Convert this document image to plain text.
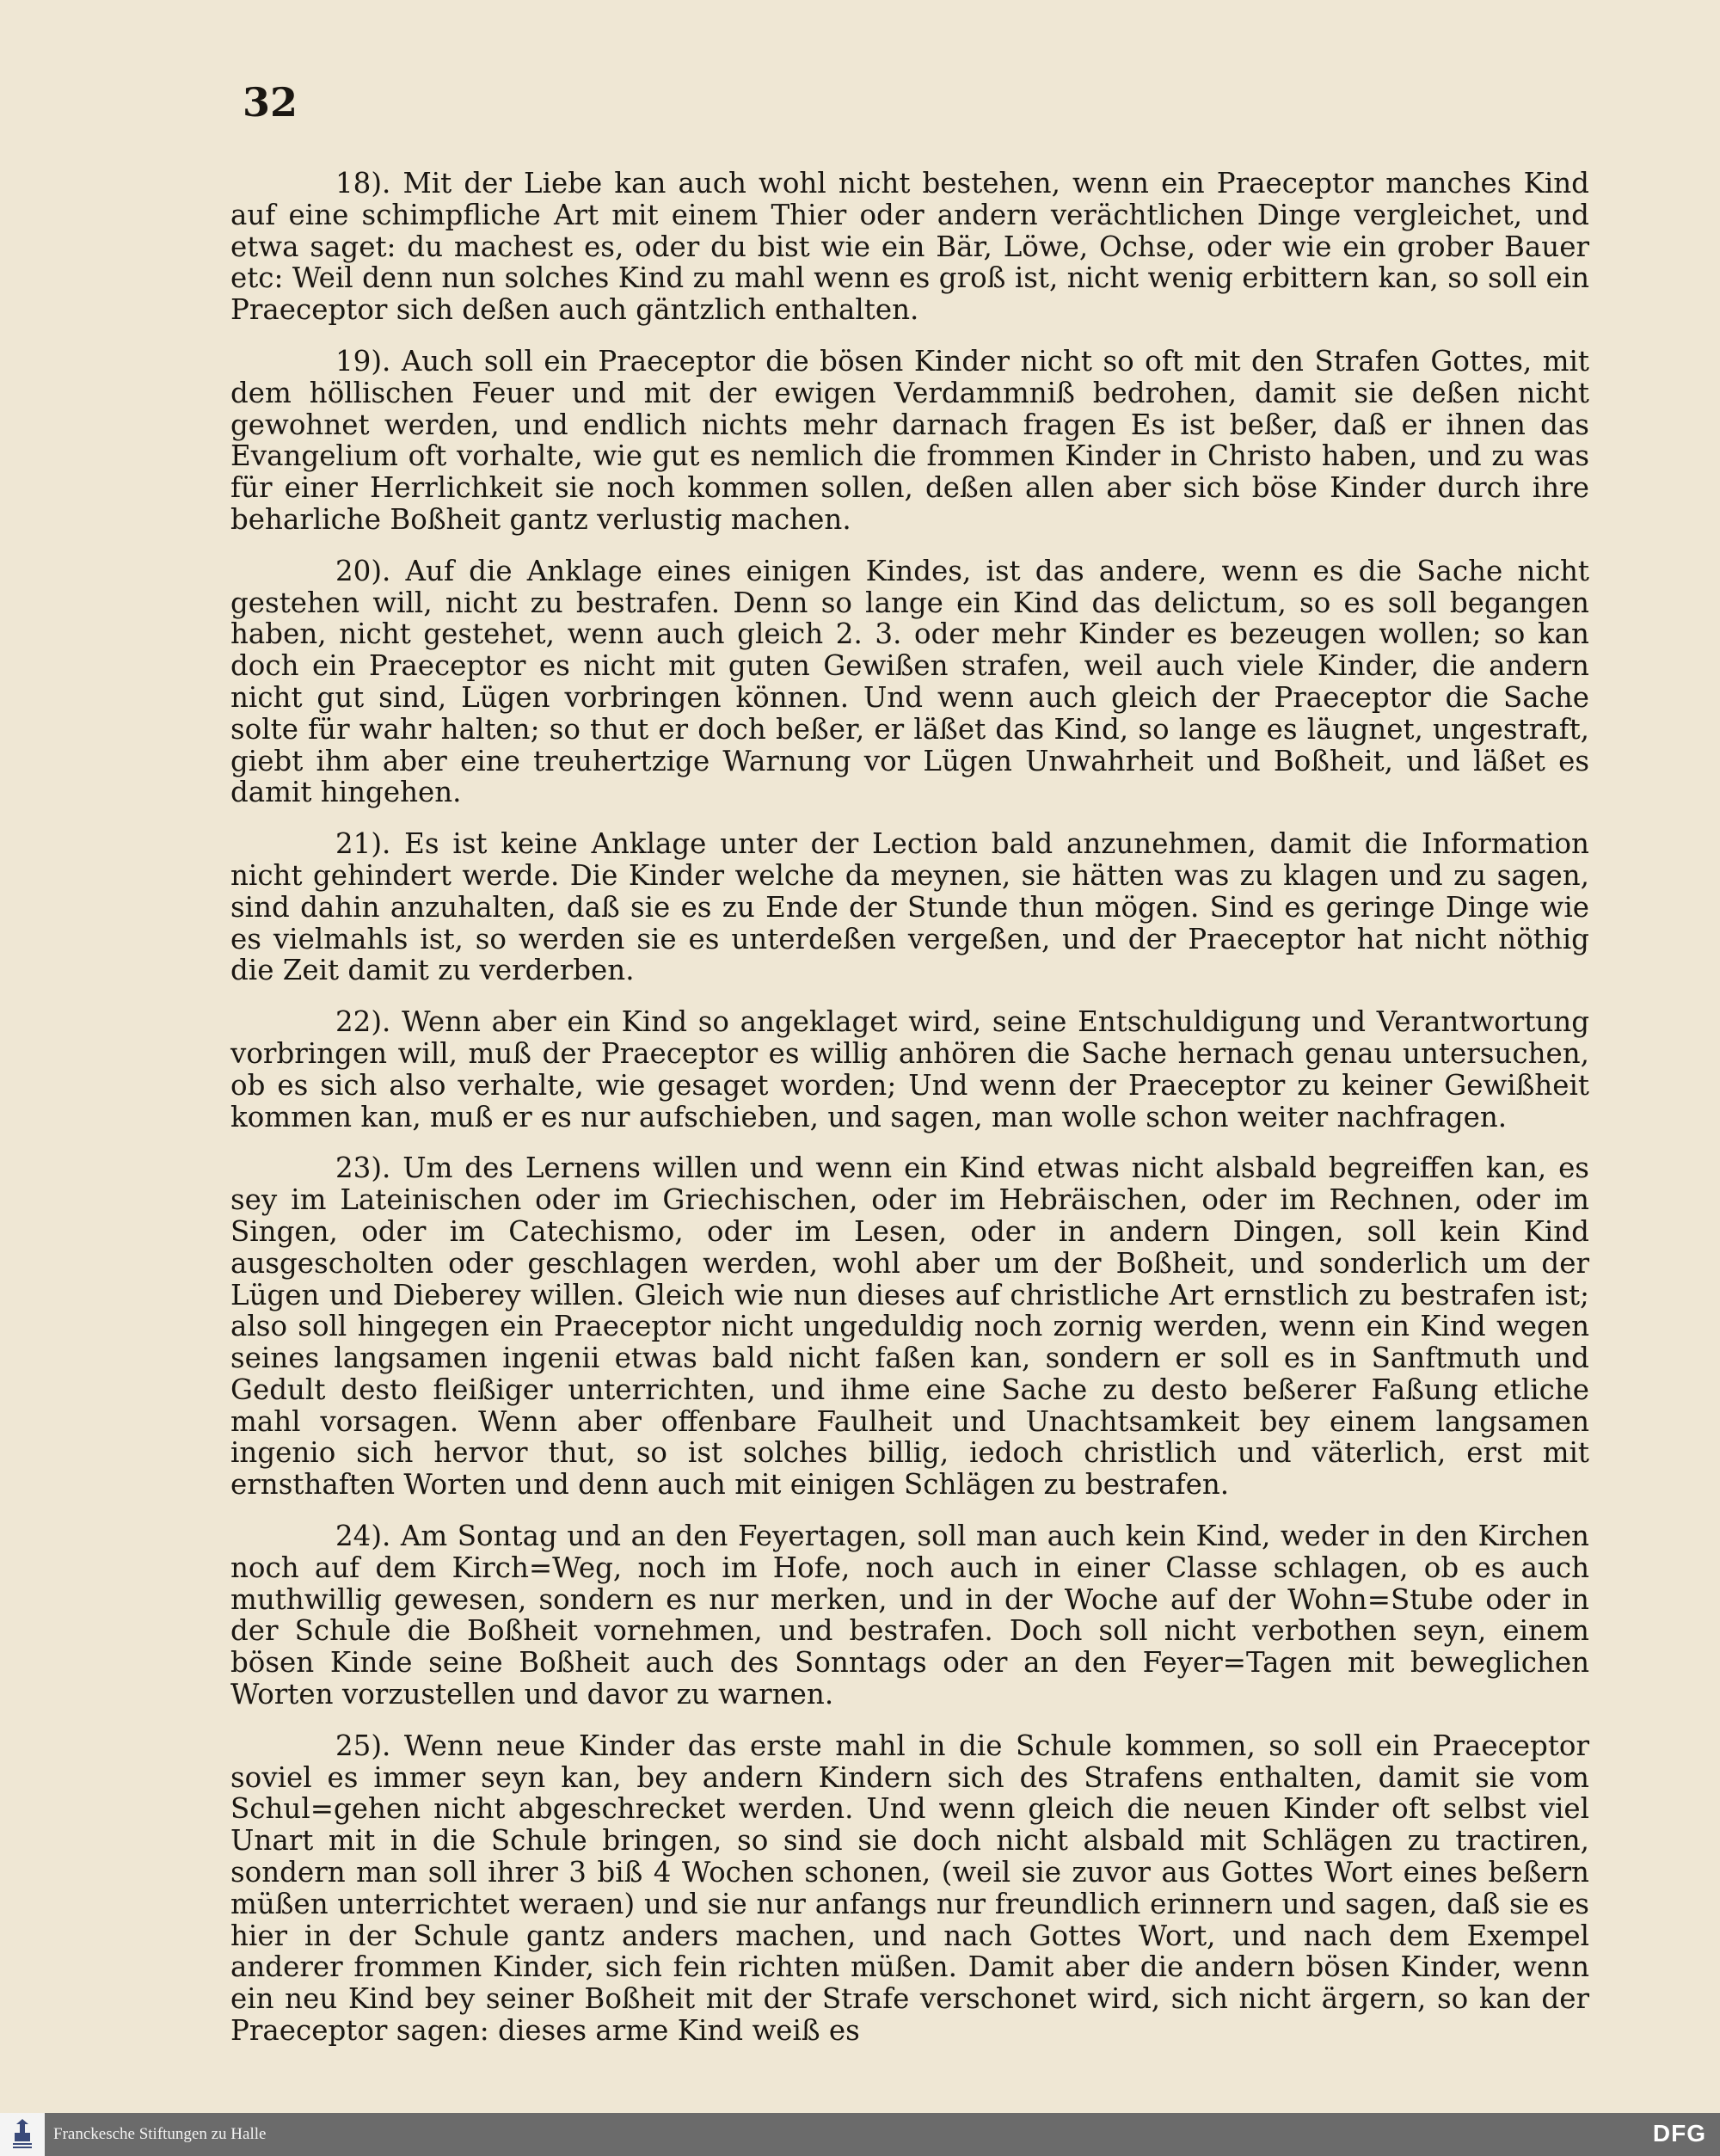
32

18). Mit der Liebe kan auch wohl nicht bestehen, wenn ein Praeceptor manches Kind auf eine schimpfliche Art mit einem Thier oder andern verächtlichen Dinge vergleichet, und etwa saget: du machest es, oder du bist wie ein Bär, Löwe, Ochse, oder wie ein grober Bauer etc: Weil denn nun solches Kind zu mahl wenn es groß ist, nicht wenig erbittern kan, so soll ein Praeceptor sich deßen auch gäntzlich enthalten.

19). Auch soll ein Praeceptor die bösen Kinder nicht so oft mit den Strafen Gottes, mit dem höllischen Feuer und mit der ewigen Verdammniß bedrohen, damit sie deßen nicht gewohnet werden, und endlich nichts mehr darnach fragen Es ist beßer, daß er ihnen das Evangelium oft vorhalte, wie gut es nemlich die frommen Kinder in Christo haben, und zu was für einer Herrlichkeit sie noch kommen sollen, deßen allen aber sich böse Kinder durch ihre beharliche Boßheit gantz verlustig machen.

20). Auf die Anklage eines einigen Kindes, ist das andere, wenn es die Sache nicht gestehen will, nicht zu bestrafen. Denn so lange ein Kind das delictum, so es soll begangen haben, nicht gestehet, wenn auch gleich 2. 3. oder mehr Kinder es bezeugen wollen; so kan doch ein Praeceptor es nicht mit guten Gewißen strafen, weil auch viele Kinder, die andern nicht gut sind, Lügen vorbringen können. Und wenn auch gleich der Praeceptor die Sache solte für wahr halten; so thut er doch beßer, er läßet das Kind, so lange es läugnet, ungestraft, giebt ihm aber eine treuhertzige Warnung vor Lügen Unwahrheit und Boßheit, und läßet es damit hingehen.

21). Es ist keine Anklage unter der Lection bald anzunehmen, damit die Information nicht gehindert werde. Die Kinder welche da meynen, sie hätten was zu klagen und zu sagen, sind dahin anzuhalten, daß sie es zu Ende der Stunde thun mögen. Sind es geringe Dinge wie es vielmahls ist, so werden sie es unterdeßen vergeßen, und der Praeceptor hat nicht nöthig die Zeit damit zu verderben.

22). Wenn aber ein Kind so angeklaget wird, seine Entschuldigung und Verantwortung vorbringen will, muß der Praeceptor es willig anhören die Sache hernach genau untersuchen, ob es sich also verhalte, wie gesaget worden; Und wenn der Praeceptor zu keiner Gewißheit kommen kan, muß er es nur aufschieben, und sagen, man wolle schon weiter nachfragen.

23). Um des Lernens willen und wenn ein Kind etwas nicht alsbald begreiffen kan, es sey im Lateinischen oder im Griechischen, oder im Hebräischen, oder im Rechnen, oder im Singen, oder im Catechismo, oder im Lesen, oder in andern Dingen, soll kein Kind ausgescholten oder geschlagen werden, wohl aber um der Boßheit, und sonderlich um der Lügen und Dieberey willen. Gleich wie nun dieses auf christliche Art ernstlich zu bestrafen ist; also soll hingegen ein Praeceptor nicht ungeduldig noch zornig werden, wenn ein Kind wegen seines langsamen ingenii etwas bald nicht faßen kan, sondern er soll es in Sanftmuth und Gedult desto fleißiger unterrichten, und ihme eine Sache zu desto beßerer Faßung etliche mahl vorsagen. Wenn aber offenbare Faulheit und Unachtsamkeit bey einem langsamen ingenio sich hervor thut, so ist solches billig, iedoch christlich und väterlich, erst mit ernsthaften Worten und denn auch mit einigen Schlägen zu bestrafen.

24). Am Sontag und an den Feyertagen, soll man auch kein Kind, weder in den Kirchen noch auf dem Kirch=Weg, noch im Hofe, noch auch in einer Classe schlagen, ob es auch muthwillig gewesen, sondern es nur merken, und in der Woche auf der Wohn=Stube oder in der Schule die Boßheit vornehmen, und bestrafen. Doch soll nicht verbothen seyn, einem bösen Kinde seine Boßheit auch des Sonntags oder an den Feyer=Tagen mit beweglichen Worten vorzustellen und davor zu warnen.

25). Wenn neue Kinder das erste mahl in die Schule kommen, so soll ein Praeceptor soviel es immer seyn kan, bey andern Kindern sich des Strafens enthalten, damit sie vom Schul=gehen nicht abgeschrecket werden. Und wenn gleich die neuen Kinder oft selbst viel Unart mit in die Schule bringen, so sind sie doch nicht alsbald mit Schlägen zu tractiren, sondern man soll ihrer 3 biß 4 Wochen schonen, (weil sie zuvor aus Gottes Wort eines beßern müßen unterrichtet weraen) und sie nur anfangs nur freundlich erinnern und sagen, daß sie es hier in der Schule gantz anders machen, und nach Gottes Wort, und nach dem Exempel anderer frommen Kinder, sich fein richten müßen. Damit aber die andern bösen Kinder, wenn ein neu Kind bey seiner Boßheit mit der Strafe verschonet wird, sich nicht ärgern, so kan der Praeceptor sagen: dieses arme Kind weiß es

Franckesche Stiftungen zu Halle	DFG
